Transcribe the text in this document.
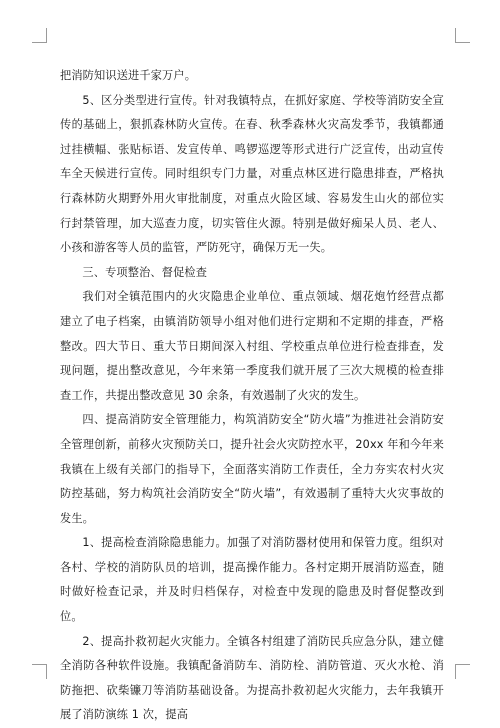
把消防知识送进千家万户。

5、区分类型进行宣传。针对我镇特点，在抓好家庭、学校等消防安全宣传的基础上，狠抓森林防火宣传。在春、秋季森林火灾高发季节，我镇都通过挂横幅、张贴标语、发宣传单、鸣锣巡逻等形式进行广泛宣传，出动宣传车全天候进行宣传。同时组织专门力量，对重点林区进行隐患排查，严格执行森林防火期野外用火审批制度，对重点火险区域、容易发生山火的部位实行封禁管理，加大巡查力度，切实管住火源。特别是做好痴呆人员、老人、小孩和游客等人员的监管，严防死守，确保万无一失。

三、专项整治、督促检查

我们对全镇范围内的火灾隐患企业单位、重点领域、烟花炮竹经营点都建立了电子档案，由镇消防领导小组对他们进行定期和不定期的排查，严格整改。四大节日、重大节日期间深入村组、学校重点单位进行检查排查，发现问题，提出整改意见，今年来第一季度我们就开展了三次大规模的检查排查工作，共提出整改意见 30 余条，有效遏制了火灾的发生。

四、提高消防安全管理能力，构筑消防安全“防火墙”为推进社会消防安全管理创新，前移火灾预防关口，提升社会火灾防控水平，20xx 年和今年来我镇在上级有关部门的指导下，全面落实消防工作责任，全力夯实农村火灾防控基础，努力构筑社会消防安全“防火墙”，有效遏制了重特大火灾事故的发生。

1、提高检查消除隐患能力。加强了对消防器材使用和保管力度。组织对各村、学校的消防队员的培训，提高操作能力。各村定期开展消防巡查，随时做好检查记录，并及时归档保存，对检查中发现的隐患及时督促整改到位。

2、提高扑救初起火灾能力。全镇各村组建了消防民兵应急分队，建立健全消防各种软件设施。我镇配备消防车、消防栓、消防管道、灭火水枪、消防拖把、砍柴镰刀等消防基础设备。为提高扑救初起火灾能力，去年我镇开展了消防演练 1 次，提高
